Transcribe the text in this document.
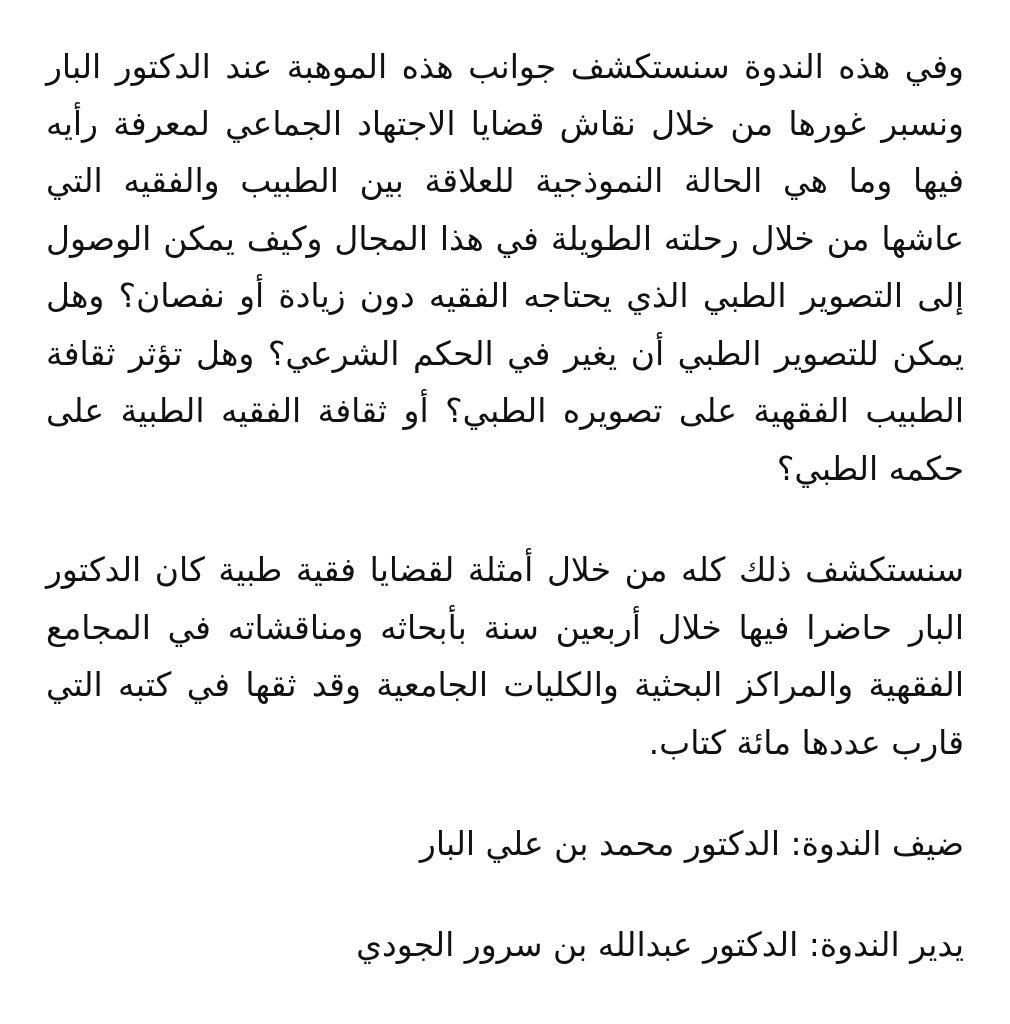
وفي هذه الندوة سنستكشف جوانب هذه الموهبة عند الدكتور البار
ونسبر غورها من خلال نقاش قضايا الاجتهاد الجماعي لمعرفة رأيه
فيها وما هي الحالة النموذجية للعلاقة بين الطبيب والفقيه التي
عاشها من خلال رحلته الطويلة في هذا المجال وكيف يمكن الوصول
إلى التصوير الطبي الذي يحتاجه الفقيه دون زيادة أو نفصان؟ وهل
يمكن للتصوير الطبي أن يغير في الحكم الشرعي؟ وهل تؤثر ثقافة
الطبيب الفقهية على تصويره الطبي؟ أو ثقافة الفقيه الطبية على
حكمه الطبي؟
سنستكشف ذلك كله من خلال أمثلة لقضايا فقية طبية كان الدكتور
البار حاضرا فيها خلال أربعين سنة بأبحاثه ومناقشاته في المجامع
الفقهية والمراكز البحثية والكليات الجامعية وقد ثقها في كتبه التي
قارب عددها مائة كتاب.
ضيف الندوة: الدكتور محمد بن علي البار
يدير الندوة: الدكتور عبدالله بن سرور الجودي
